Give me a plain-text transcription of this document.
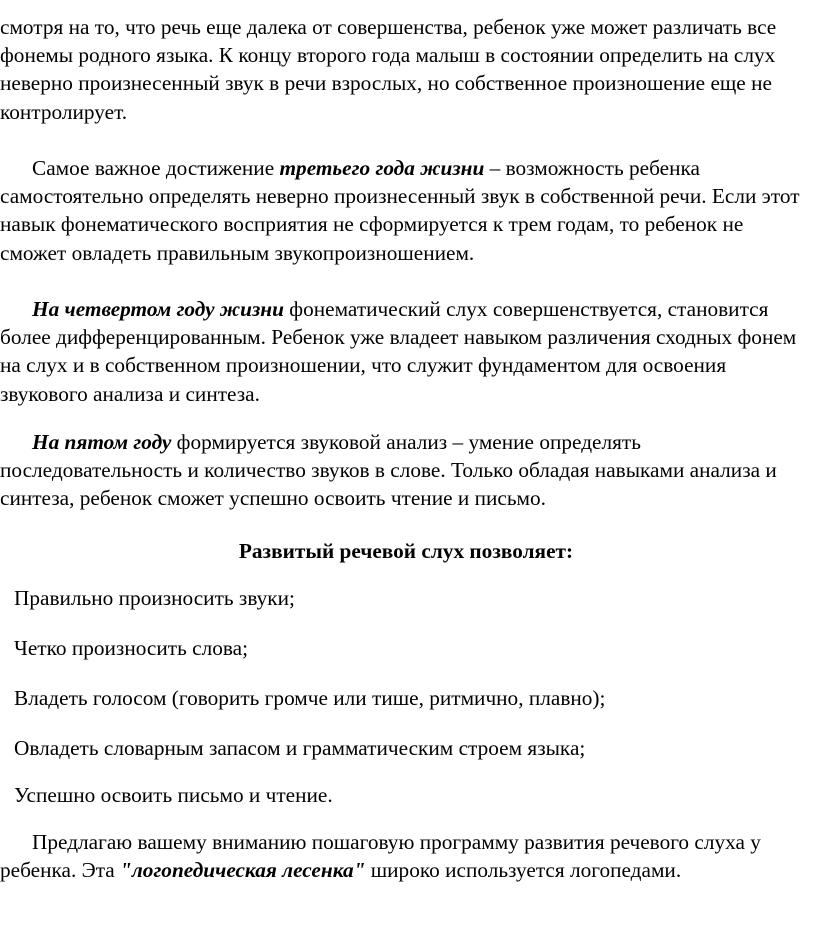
смотря на то, что речь еще далека от совершенства, ребенок уже может различать все фонемы родного языка. К концу второго года малыш в состоянии определить на слух неверно произнесенный звук в речи взрослых, но собственное произношение еще не контролирует.

Самое важное достижение третьего года жизни – возможность ребенка самостоятельно определять неверно произнесенный звук в собственной речи. Если этот навык фонематического восприятия не сформируется к трем годам, то ребенок не сможет овладеть правильным звукопроизношением.

На четвертом году жизни фонематический слух совершенствуется, становится более дифференцированным. Ребенок уже владеет навыком различения сходных фонем на слух и в собственном произношении, что служит фундаментом для освоения звукового анализа и синтеза.

На пятом году формируется звуковой анализ – умение определять последовательность и количество звуков в слове. Только обладая навыками анализа и синтеза, ребенок сможет успешно освоить чтение и письмо.

Развитый речевой слух позволяет:

Правильно произносить звуки;

Четко произносить слова;

Владеть голосом (говорить громче или тише, ритмично, плавно);

Овладеть словарным запасом и грамматическим строем языка;

Успешно освоить письмо и чтение.

Предлагаю вашему вниманию пошаговую программу развития речевого слуха у ребенка. Эта "логопедическая лесенка" широко используется логопедами.
